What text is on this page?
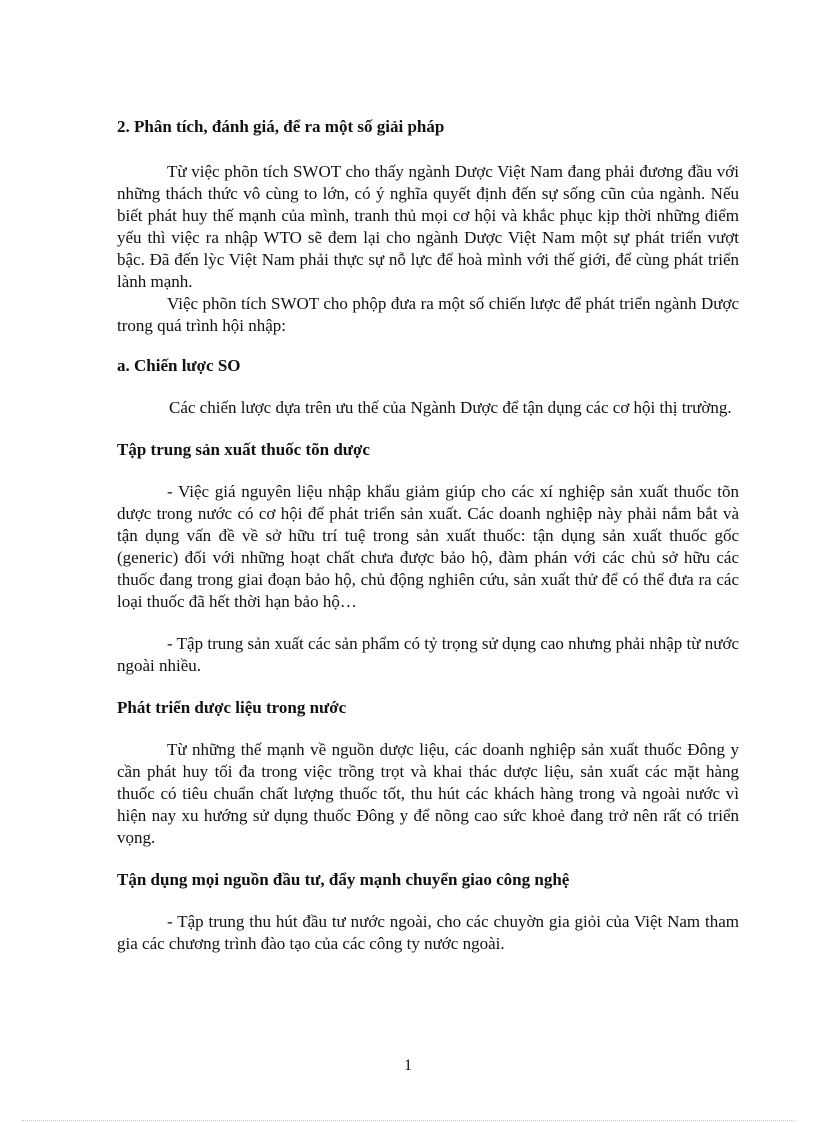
2. Phân tích, đánh giá, để ra một số giải pháp

Từ việc phõn tích SWOT cho thấy ngành Dược Việt Nam đang phải đương đầu với những thách thức vô cùng to lớn, có ý nghĩa quyết định đến sự sống cũn của ngành. Nếu biết phát huy thế mạnh của mình, tranh thủ mọi cơ hội và khắc phục kịp thời những điểm yếu thì việc ra nhập WTO sẽ đem lại cho ngành Dược Việt Nam một sự phát triển vượt bậc. Đã đến lỳc Việt Nam phải thực sự nỗ lực để hoà mình với thế giới, để cùng phát triển lành mạnh.

Việc phõn tích SWOT cho phộp đưa ra một số chiến lược để phát triển ngành Dược trong quá trình hội nhập:

a. Chiến lược SO

Các chiến lược dựa trên ưu thế của Ngành Dược để tận dụng các cơ hội thị trường.

Tập trung sản xuất thuốc tõn dược

- Việc giá nguyên liệu nhập khẩu giảm giúp cho các xí nghiệp sản xuất thuốc tõn dược trong nước có cơ hội để phát triển sản xuất. Các doanh nghiệp này phải nắm bắt và tận dụng vấn đề về sở hữu trí tuệ trong sản xuất thuốc: tận dụng sản xuất thuốc gốc (generic) đối với những hoạt chất chưa được bảo hộ, đàm phán với các chủ sở hữu các thuốc đang trong giai đoạn bảo hộ, chủ động nghiên cứu, sản xuất thử để có thể đưa ra các loại thuốc đã hết thời hạn bảo hộ…

- Tập trung sản xuất các sản phẩm có tỷ trọng sử dụng cao nhưng phải nhập từ nước ngoài nhiều.

Phát triển dược liệu trong nước

Từ những thế mạnh về nguồn dược liệu, các doanh nghiệp sản xuất thuốc Đông y cần phát huy tối đa trong việc trồng trọt và khai thác dược liệu, sản xuất các mặt hàng thuốc có tiêu chuẩn chất lượng thuốc tốt, thu hút các khách hàng trong và ngoài nước vì hiện nay xu hướng sử dụng thuốc Đông y để nõng cao sức khoẻ đang trở nên rất có triển vọng.

Tận dụng mọi nguồn đầu tư, đẩy mạnh chuyển giao công nghệ

- Tập trung thu hút đầu tư nước ngoài, cho các chuyờn gia giỏi của Việt Nam tham gia các chương trình đào tạo của các công ty nước ngoài.

1
